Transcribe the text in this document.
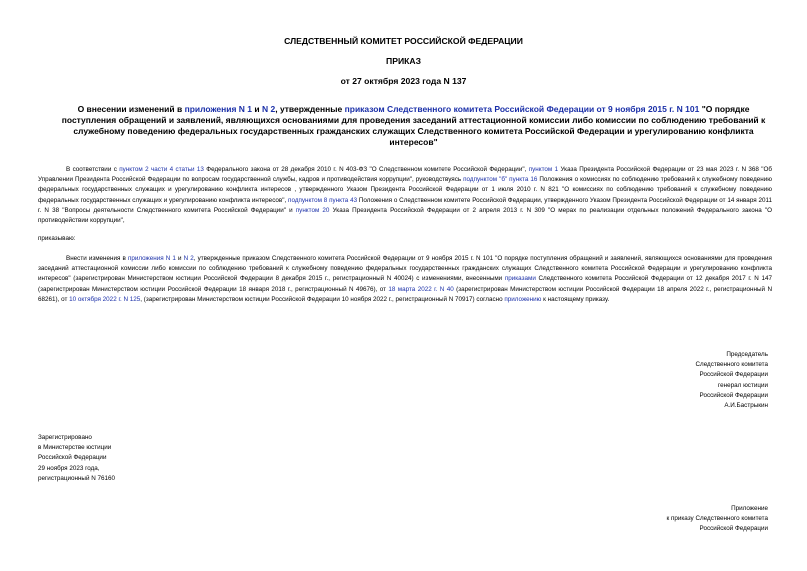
СЛЕДСТВЕННЫЙ КОМИТЕТ РОССИЙСКОЙ ФЕДЕРАЦИИ
ПРИКАЗ
от 27 октября 2023 года N 137
О внесении изменений в приложения N 1 и N 2, утвержденные приказом Следственного комитета Российской Федерации от 9 ноября 2015 г. N 101 "О порядке поступления обращений и заявлений, являющихся основаниями для проведения заседаний аттестационной комиссии либо комиссии по соблюдению требований к служебному поведению федеральных государственных гражданских служащих Следственного комитета Российской Федерации и урегулированию конфликта интересов"

В соответствии с пунктом 2 части 4 статьи 13 Федерального закона от 28 декабря 2010 г. N 403-ФЗ "О Следственном комитете Российской Федерации", пунктом 1 Указа Президента Российской Федерации от 23 мая 2023 г. N 368 "Об Управлении Президента Российской Федерации по вопросам государственной службы, кадров и противодействия коррупции", руководствуясь подпунктом "б" пункта 16 Положения о комиссиях по соблюдению требований к служебному поведению федеральных государственных служащих и урегулированию конфликта интересов , утвержденного Указом Президента Российской Федерации от 1 июля 2010 г. N 821 "О комиссиях по соблюдению требований к служебному поведению федеральных государственных служащих и урегулированию конфликта интересов", подпунктом 8 пункта 43 Положения о Следственном комитете Российской Федерации, утвержденного Указом Президента Российской Федерации от 14 января 2011 г. N 38 "Вопросы деятельности Следственного комитета Российской Федерации" и пунктом 20 Указа Президента Российской Федерации от 2 апреля 2013 г. N 309 "О мерах по реализации отдельных положений Федерального закона "О противодействии коррупции",

приказываю:

Внести изменения в приложения N 1 и N 2, утвержденные приказом Следственного комитета Российской Федерации от 9 ноября 2015 г. N 101 "О порядке поступления обращений и заявлений, являющихся основаниями для проведения заседаний аттестационной комиссии либо комиссии по соблюдению требований к служебному поведению федеральных государственных гражданских служащих Следственного комитета Российской Федерации и урегулированию конфликта интересов" (зарегистрирован Министерством юстиции Российской Федерации 8 декабря 2015 г., регистрационный N 40024) с изменениями, внесенными приказами Следственного комитета Российской Федерации от 12 декабря 2017 г. N 147 (зарегистрирован Министерством юстиции Российской Федерации 18 января 2018 г., регистрационный N 49676), от 18 марта 2022 г. N 40 (зарегистрирован Министерством юстиции Российской Федерации 18 апреля 2022 г., регистрационный N 68261), от 10 октября 2022 г. N 125, (зарегистрирован Министерством юстиции Российской Федерации 10 ноября 2022 г., регистрационный N 70917) согласно приложению к настоящему приказу.

Председатель
Следственного комитета
Российской Федерации
генерал юстиции
Российской Федерации
А.И.Бастрыкин
Зарегистрировано
в Министерстве юстиции
Российской Федерации
29 ноября 2023 года,
регистрационный N 76160
Приложение
к приказу Следственного комитета
Российской Федерации
